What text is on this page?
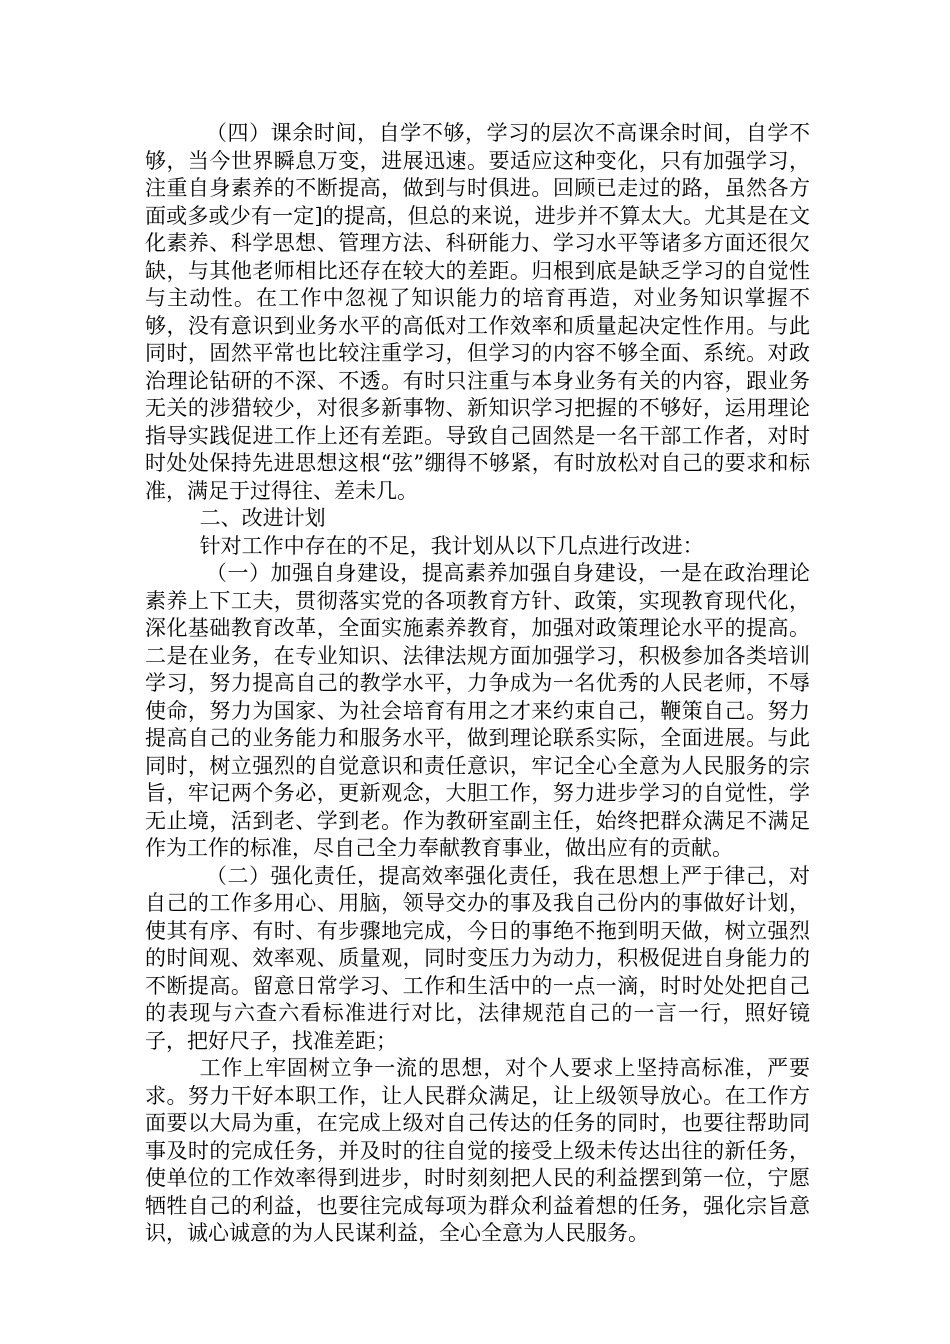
（四）课余时间，自学不够，学习的层次不高课余时间，自学不够，当今世界瞬息万变，进展迅速。要适应这种变化，只有加强学习，注重自身素养的不断提高，做到与时俱进。回顾已走过的路，虽然各方面或多或少有一定]的提高，但总的来说，进步并不算太大。尤其是在文化素养、科学思想、管理方法、科研能力、学习水平等诸多方面还很欠缺，与其他老师相比还存在较大的差距。归根到底是缺乏学习的自觉性与主动性。在工作中忽视了知识能力的培育再造，对业务知识掌握不够，没有意识到业务水平的高低对工作效率和质量起决定性作用。与此同时，固然平常也比较注重学习，但学习的内容不够全面、系统。对政治理论钻研的不深、不透。有时只注重与本身业务有关的内容，跟业务无关的涉猎较少，对很多新事物、新知识学习把握的不够好，运用理论指导实践促进工作上还有差距。导致自己固然是一名干部工作者，对时时处处保持先进思想这根“弦”绷得不够紧，有时放松对自己的要求和标准，满足于过得往、差未几。

二、改进计划

针对工作中存在的不足，我计划从以下几点进行改进：

（一）加强自身建设，提高素养加强自身建设，一是在政治理论素养上下工夫，贯彻落实党的各项教育方针、政策，实现教育现代化，深化基础教育改革，全面实施素养教育，加强对政策理论水平的提高。二是在业务，在专业知识、法律法规方面加强学习，积极参加各类培训学习，努力提高自己的教学水平，力争成为一名优秀的人民老师，不辱使命，努力为国家、为社会培育有用之才来约束自己，鞭策自己。努力提高自己的业务能力和服务水平，做到理论联系实际，全面进展。与此同时，树立强烈的自觉意识和责任意识，牢记全心全意为人民服务的宗旨，牢记两个务必，更新观念，大胆工作，努力进步学习的自觉性，学无止境，活到老、学到老。作为教研室副主任，始终把群众满足不满足作为工作的标准，尽自己全力奉献教育事业，做出应有的贡献。

（二）强化责任，提高效率强化责任，我在思想上严于律己，对自己的工作多用心、用脑，领导交办的事及我自己份内的事做好计划，使其有序、有时、有步骤地完成，今日的事绝不拖到明天做，树立强烈的时间观、效率观、质量观，同时变压力为动力，积极促进自身能力的不断提高。留意日常学习、工作和生活中的一点一滴，时时处处把自己的表现与六查六看标准进行对比，法律规范自己的一言一行，照好镜子，把好尺子，找准差距；

工作上牢固树立争一流的思想，对个人要求上坚持高标准，严要求。努力干好本职工作，让人民群众满足，让上级领导放心。在工作方面要以大局为重，在完成上级对自己传达的任务的同时，也要往帮助同事及时的完成任务，并及时的往自觉的接受上级未传达出往的新任务，使单位的工作效率得到进步，时时刻刻把人民的利益摆到第一位，宁愿牺牲自己的利益，也要往完成每项为群众利益着想的任务，强化宗旨意识，诚心诚意的为人民谋利益，全心全意为人民服务。
